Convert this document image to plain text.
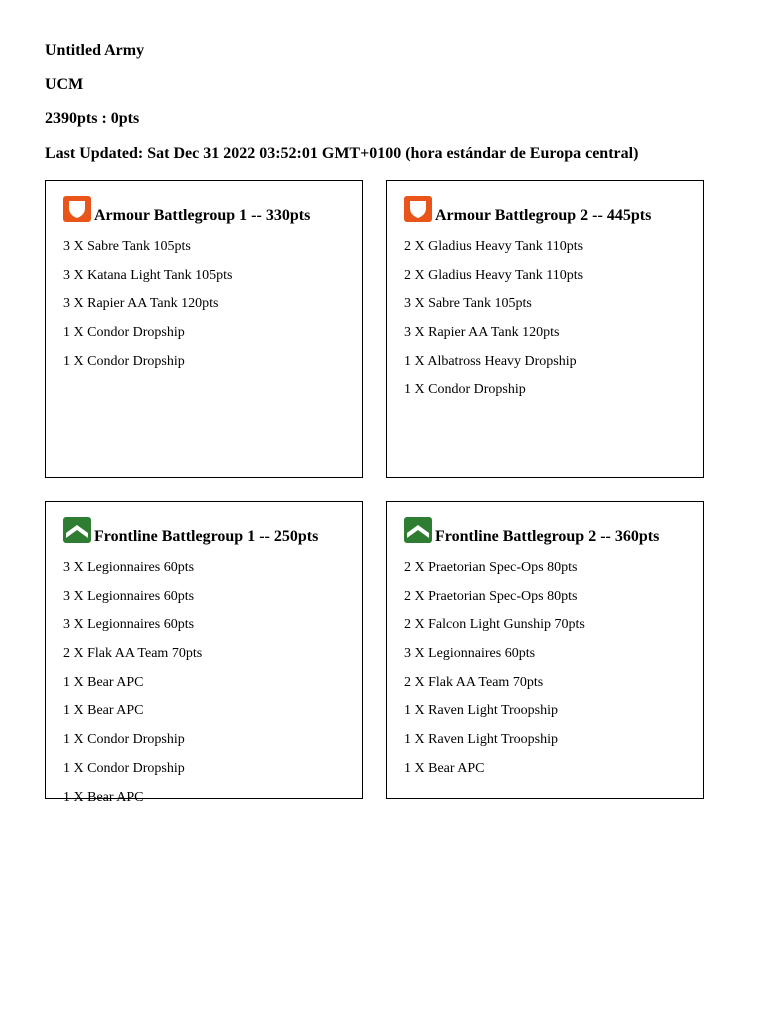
Untitled Army
UCM
2390pts : 0pts
Last Updated: Sat Dec 31 2022 03:52:01 GMT+0100 (hora estándar de Europa central)
Armour Battlegroup 1 -- 330pts
3 X Sabre Tank 105pts
3 X Katana Light Tank 105pts
3 X Rapier AA Tank 120pts
1 X Condor Dropship
1 X Condor Dropship
Armour Battlegroup 2 -- 445pts
2 X Gladius Heavy Tank 110pts
2 X Gladius Heavy Tank 110pts
3 X Sabre Tank 105pts
3 X Rapier AA Tank 120pts
1 X Albatross Heavy Dropship
1 X Condor Dropship
Frontline Battlegroup 1 -- 250pts
3 X Legionnaires 60pts
3 X Legionnaires 60pts
3 X Legionnaires 60pts
2 X Flak AA Team 70pts
1 X Bear APC
1 X Bear APC
1 X Condor Dropship
1 X Condor Dropship
1 X Bear APC
Frontline Battlegroup 2 -- 360pts
2 X Praetorian Spec-Ops 80pts
2 X Praetorian Spec-Ops 80pts
2 X Falcon Light Gunship 70pts
3 X Legionnaires 60pts
2 X Flak AA Team 70pts
1 X Raven Light Troopship
1 X Raven Light Troopship
1 X Bear APC
